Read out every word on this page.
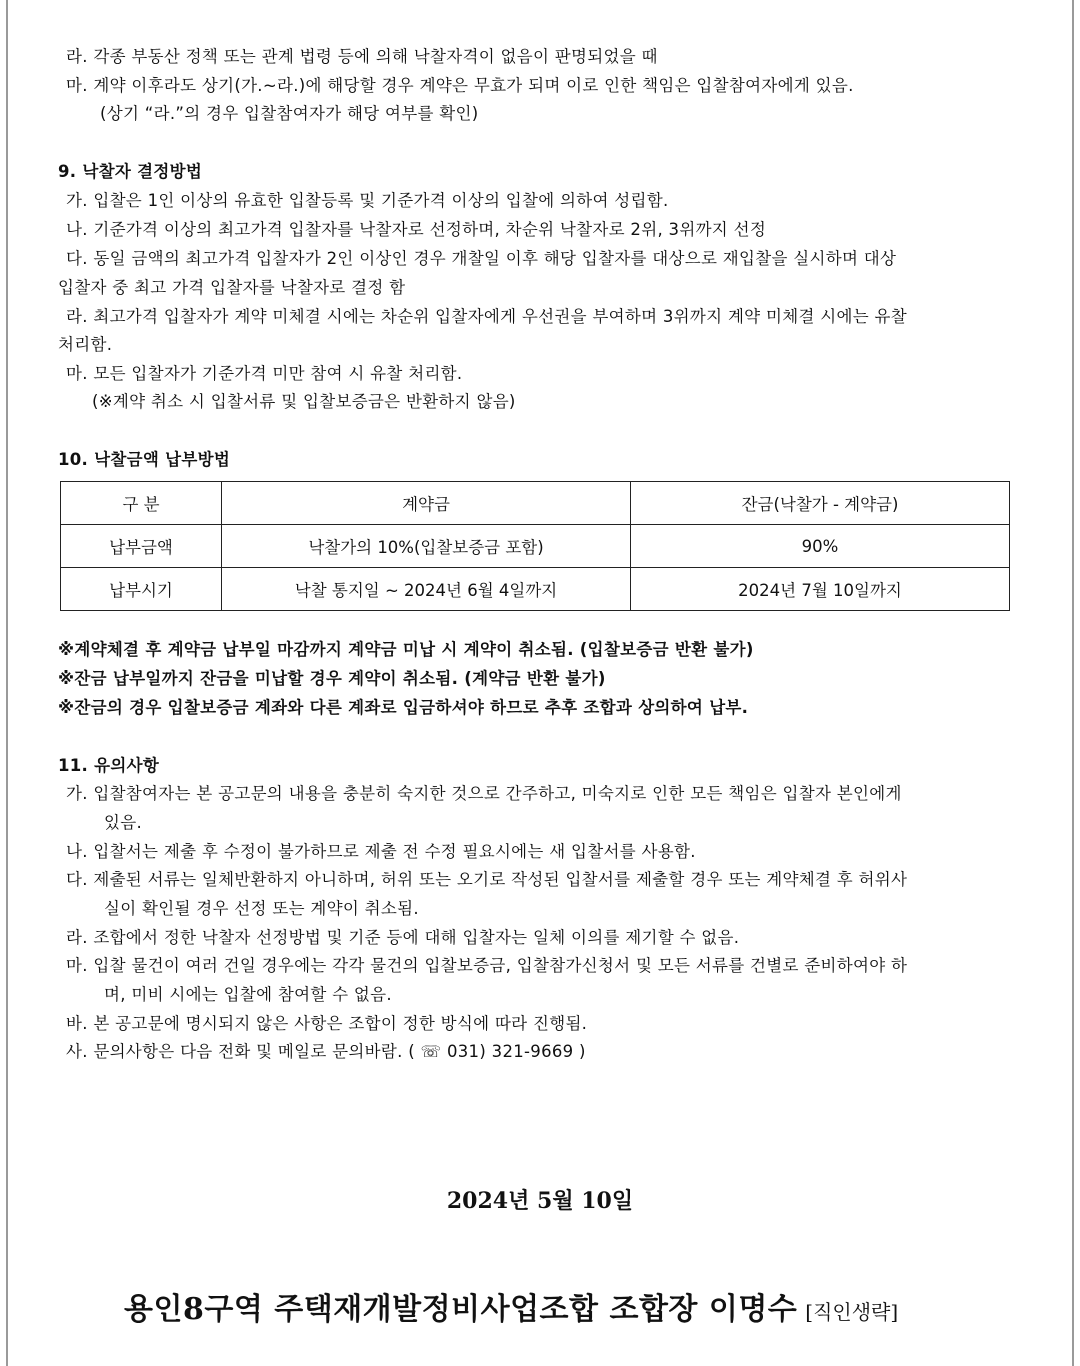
라. 각종 부동산 정책 또는 관계 법령 등에 의해 낙찰자격이 없음이 판명되었을 때
마. 계약 이후라도 상기(가.~라.)에 해당할 경우 계약은 무효가 되며 이로 인한 책임은 입찰참여자에게 있음.
(상기 “라.”의 경우 입찰참여자가 해당 여부를 확인)
9. 낙찰자 결정방법
가. 입찰은 1인 이상의 유효한 입찰등록 및 기준가격 이상의 입찰에 의하여 성립함.
나. 기준가격 이상의 최고가격 입찰자를 낙찰자로 선정하며, 차순위 낙찰자로 2위, 3위까지 선정
다. 동일 금액의 최고가격 입찰자가 2인 이상인 경우 개찰일 이후 해당 입찰자를 대상으로 재입찰을 실시하며 대상
입찰자 중 최고 가격 입찰자를 낙찰자로 결정 함
라. 최고가격 입찰자가 계약 미체결 시에는 차순위 입찰자에게 우선권을 부여하며 3위까지 계약 미체결 시에는 유찰
처리함.
마. 모든 입찰자가 기준가격 미만 참여 시 유찰 처리함.
(※계약 취소 시 입찰서류 및 입찰보증금은 반환하지 않음)
10. 낙찰금액 납부방법
구 분	계약금	잔금(낙찰가 - 계약금)
납부금액	낙찰가의 10%(입찰보증금 포함)	90%
납부시기	낙찰 통지일 ~ 2024년 6월 4일까지	2024년 7월 10일까지
※계약체결 후 계약금 납부일 마감까지 계약금 미납 시 계약이 취소됨. (입찰보증금 반환 불가)
※잔금 납부일까지 잔금을 미납할 경우 계약이 취소됨. (계약금 반환 불가)
※잔금의 경우 입찰보증금 계좌와 다른 계좌로 입금하셔야 하므로 추후 조합과 상의하여 납부.
11. 유의사항
가. 입찰참여자는 본 공고문의 내용을 충분히 숙지한 것으로 간주하고, 미숙지로 인한 모든 책임은 입찰자 본인에게
있음.
나. 입찰서는 제출 후 수정이 불가하므로 제출 전 수정 필요시에는 새 입찰서를 사용함.
다. 제출된 서류는 일체반환하지 아니하며, 허위 또는 오기로 작성된 입찰서를 제출할 경우 또는 계약체결 후 허위사
실이 확인될 경우 선정 또는 계약이 취소됨.
라. 조합에서 정한 낙찰자 선정방법 및 기준 등에 대해 입찰자는 일체 이의를 제기할 수 없음.
마. 입찰 물건이 여러 건일 경우에는 각각 물건의 입찰보증금, 입찰참가신청서 및 모든 서류를 건별로 준비하여야 하
며, 미비 시에는 입찰에 참여할 수 없음.
바. 본 공고문에 명시되지 않은 사항은 조합이 정한 방식에 따라 진행됨.
사. 문의사항은 다음 전화 및 메일로 문의바람. ( ☏ 031) 321-9669 )
2024년 5월 10일
용인8구역 주택재개발정비사업조합 조합장 이명수 [직인생략]
